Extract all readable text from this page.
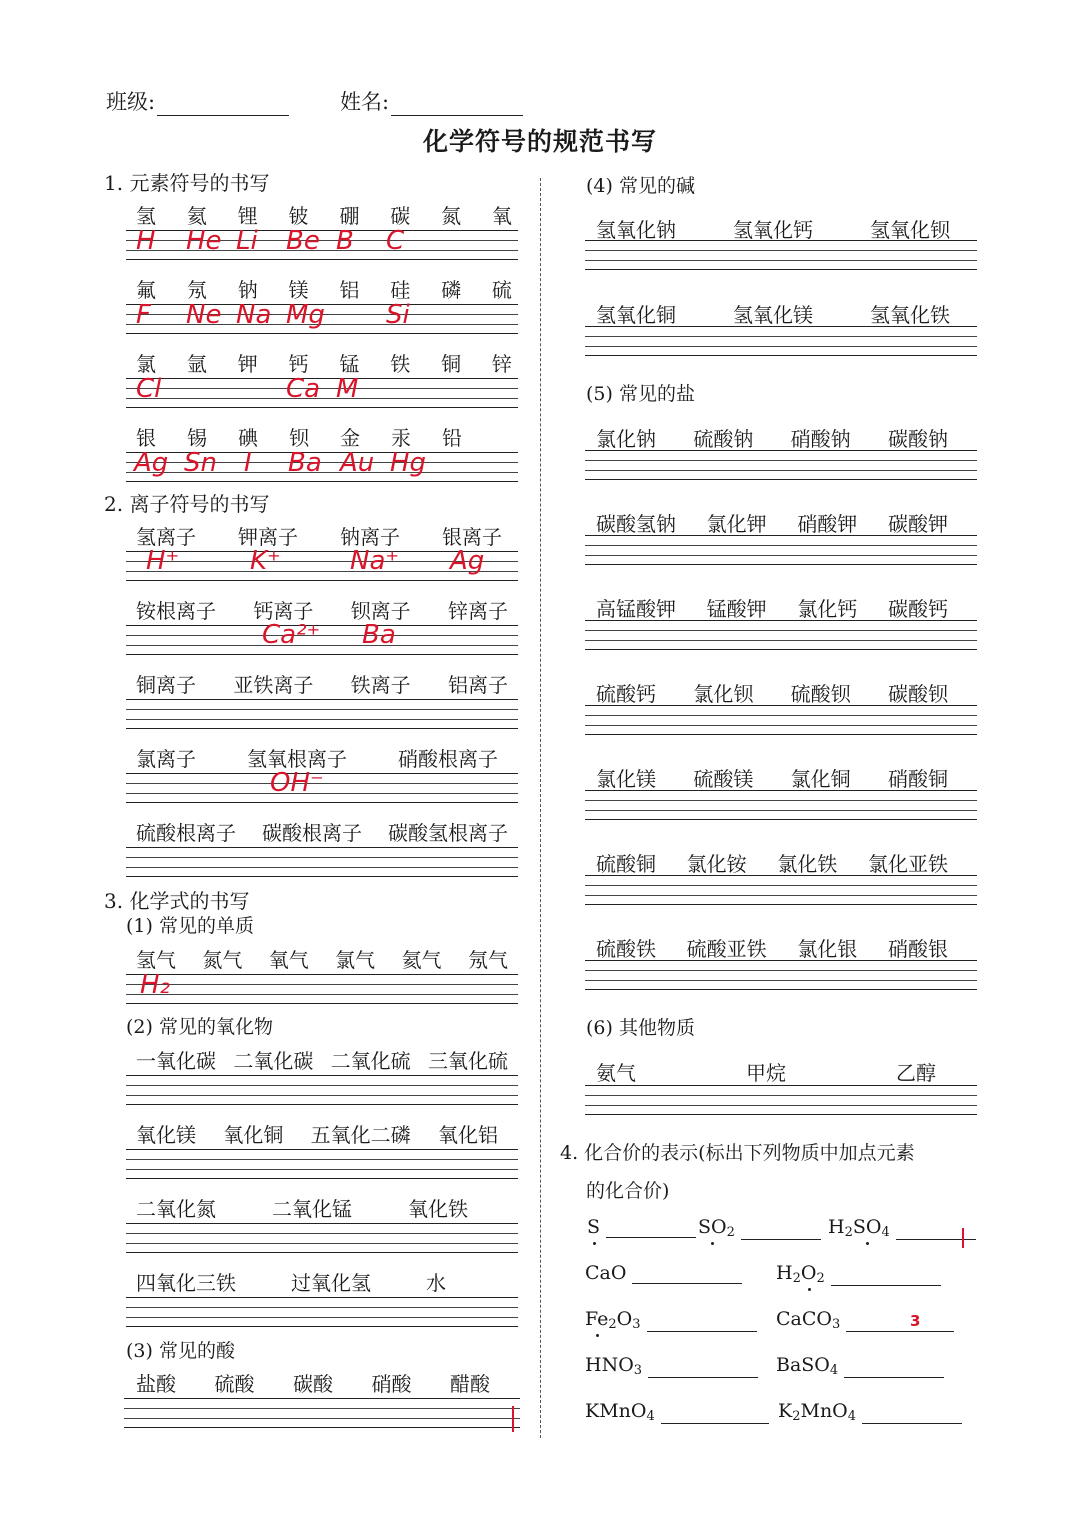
班级:	姓名:
化学符号的规范书写
1. 元素符号的书写
氢 氦 锂 铍 硼 碳 氮 氧
H	He Li	Be B	C
氟 氖 钠 镁 铝 硅 磷 硫
F	Ne Na Mg	Si
氯 氩 钾 钙 锰 铁 铜 锌
Cl	Ca M
银 锡 碘 钡 金 汞 铅
Ag Sn	I	Ba Au Hg
2. 离子符号的书写
氢离子 钾离子 钠离子 银离子
H⁺	K⁺	Na⁺	Ag
铵根离子 钙离子 钡离子 锌离子
Ca²⁺	Ba
铜离子 亚铁离子 铁离子 铝离子
氯离子	氢氧根离子	硝酸根离子
OH⁻
硫酸根离子 碳酸根离子 碳酸氢根离子
3. 化学式的书写
(1) 常见的单质
氢气 氮气 氧气 氯气 氦气 氖气
H₂
(2) 常见的氧化物
一氧化碳 二氧化碳 二氧化硫 三氧化硫
氧化镁 氧化铜 五氧化二磷 氧化铝
二氧化氮	二氧化锰	氧化铁
四氧化三铁	过氧化氢	水
(3) 常见的酸
盐酸 硫酸 碳酸 硝酸 醋酸
(4) 常见的碱
氢氧化钠	氢氧化钙	氢氧化钡
氢氧化铜	氢氧化镁	氢氧化铁
(5) 常见的盐
氯化钠 硫酸钠 硝酸钠 碳酸钠
碳酸氢钠 氯化钾 硝酸钾 碳酸钾
高锰酸钾 锰酸钾 氯化钙 碳酸钙
硫酸钙 氯化钡 硫酸钡 碳酸钡
氯化镁 硫酸镁 氯化铜 硝酸铜
硫酸铜 氯化铵 氯化铁 氯化亚铁
硫酸铁 硫酸亚铁 氯化银 硝酸银
(6) 其他物质
氨气	甲烷	乙醇
4. 化合价的表示(标出下列物质中加点元素
的化合价)
S	$SO_2$	$H_2SO_4$
CaO	$H_2O_2$
$Fe_2O_3$	CaCO$_3$	3
$HNO_3$	BaSO$_4$
KMnO$_4$	$K_2MnO_4$
